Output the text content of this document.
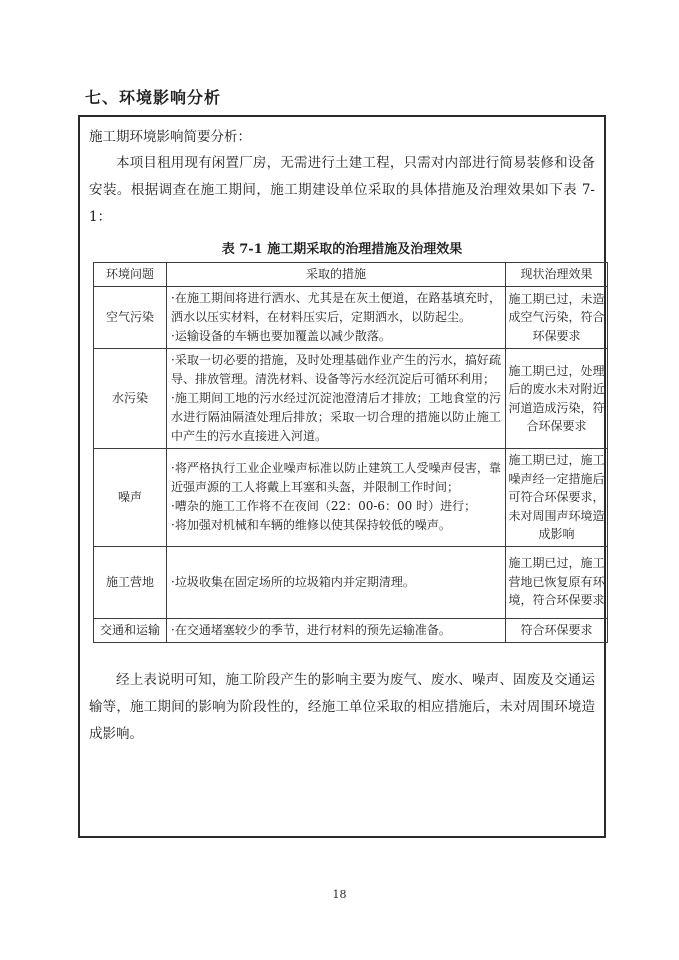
七、环境影响分析

施工期环境影响简要分析：

本项目租用现有闲置厂房，无需进行土建工程，只需对内部进行简易装修和设备安装。根据调查在施工期间，施工期建设单位采取的具体措施及治理效果如下表 7-1：

表 7-1 施工期采取的治理措施及治理效果
环境问题	采取的措施	现状治理效果
空气污染	·在施工期间将进行洒水、尤其是在灰土便道，在路基填充时，洒水以压实材料，在材料压实后，定期洒水，以防起尘。
·运输设备的车辆也要加覆盖以减少散落。	施工期已过，未造成空气污染，符合环保要求
水污染	·采取一切必要的措施，及时处理基础作业产生的污水，搞好疏导、排放管理。清洗材料、设备等污水经沉淀后可循环利用；
·施工期间工地的污水经过沉淀池澄清后才排放；工地食堂的污水进行隔油隔渣处理后排放；采取一切合理的措施以防止施工中产生的污水直接进入河道。	施工期已过，处理后的废水未对附近河道造成污染，符合环保要求
噪声	·将严格执行工业企业噪声标准以防止建筑工人受噪声侵害，靠近强声源的工人将戴上耳塞和头盔，并限制工作时间；
·嘈杂的施工工作将不在夜间（22：00-6：00 时）进行；
·将加强对机械和车辆的维修以使其保持较低的噪声。	施工期已过，施工噪声经一定措施后可符合环保要求，未对周围声环境造成影响
施工营地	·垃圾收集在固定场所的垃圾箱内并定期清理。	施工期已过，施工营地已恢复原有环境，符合环保要求
交通和运输	·在交通堵塞较少的季节，进行材料的预先运输准备。	符合环保要求

经上表说明可知，施工阶段产生的影响主要为废气、废水、噪声、固废及交通运输等，施工期间的影响为阶段性的，经施工单位采取的相应措施后，未对周围环境造成影响。

18
